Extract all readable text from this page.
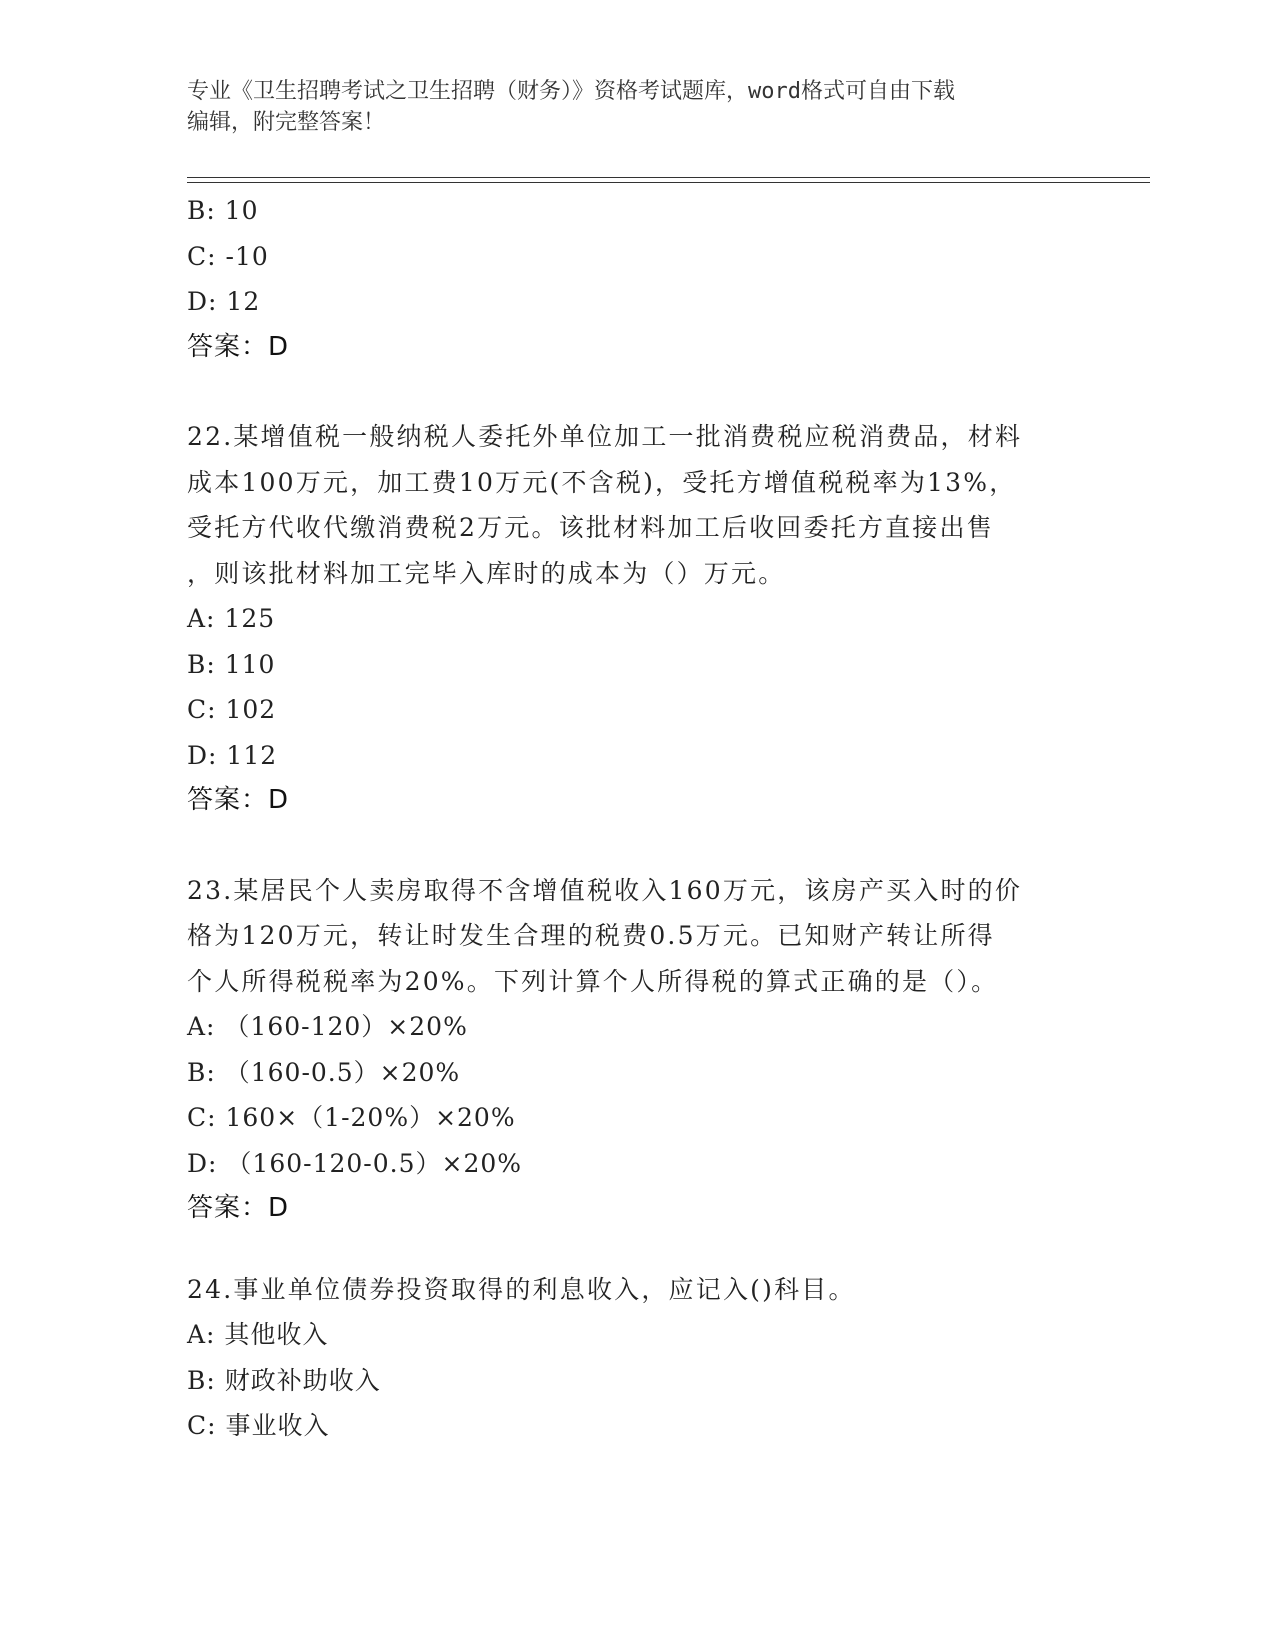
专业《卫生招聘考试之卫生招聘（财务）》资格考试题库，word格式可自由下载
编辑，附完整答案！
B: 10
C: -10
D: 12
答案：D
22.某增值税一般纳税人委托外单位加工一批消费税应税消费品，材料
成本100万元，加工费10万元(不含税)，受托方增值税税率为13%，
受托方代收代缴消费税2万元。该批材料加工后收回委托方直接出售
，则该批材料加工完毕入库时的成本为（）万元。
A: 125
B: 110
C: 102
D: 112
答案：D
23.某居民个人卖房取得不含增值税收入160万元，该房产买入时的价
格为120万元，转让时发生合理的税费0.5万元。已知财产转让所得
个人所得税税率为20%。下列计算个人所得税的算式正确的是（）。
A: （160-120）×20%
B: （160-0.5）×20%
C: 160×（1-20%）×20%
D: （160-120-0.5）×20%
答案：D
24.事业单位债券投资取得的利息收入，应记入()科目。
A: 其他收入
B: 财政补助收入
C: 事业收入
